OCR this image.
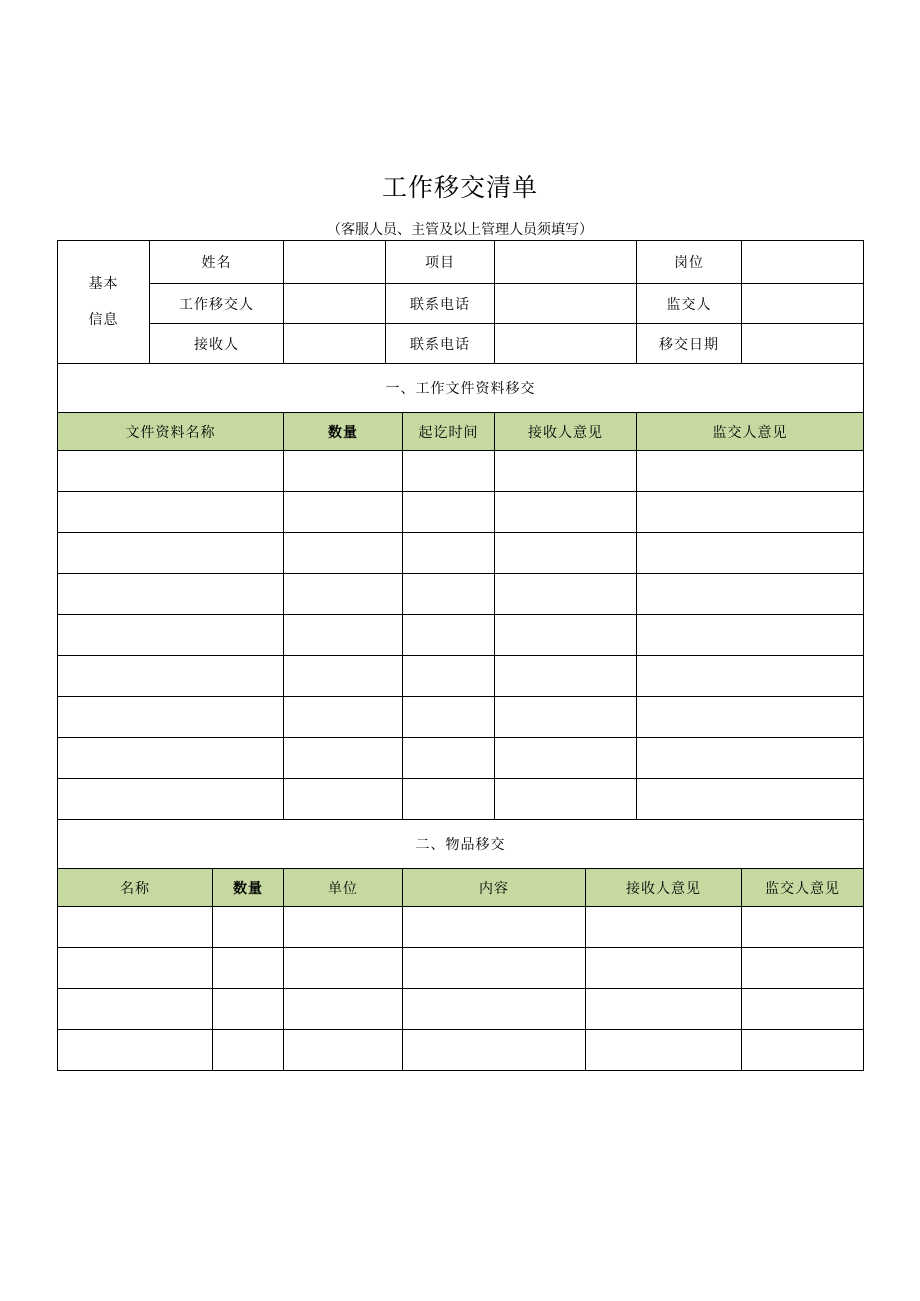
工作移交清单
（客服人员、主管及以上管理人员须填写）
基本
信息	姓名			项目				岗位	
	工作移交人			联系电话				监交人	
	接收人			联系电话				移交日期	
一、工作文件资料移交									
文件资料名称			数量		起讫时间	接收人意见		监交人意见	

二、物品移交									
名称		数量	单位		内容		接收人意见		监交人意见
